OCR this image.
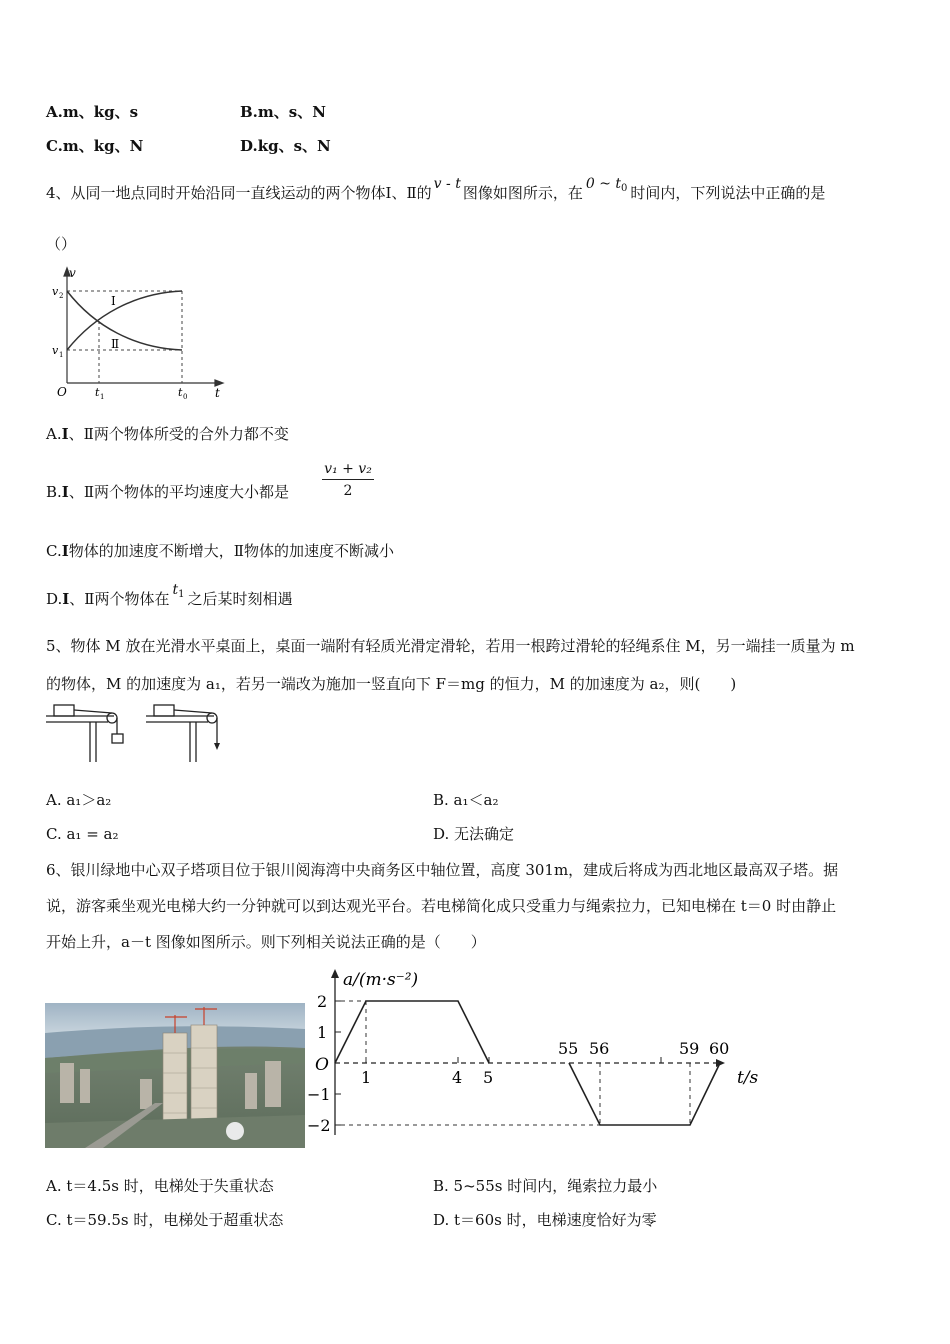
A.m、kg、s	B.m、s、N
C.m、kg、N	D.kg、s、N
4、从同一地点同时开始沿同一直线运动的两个物体Ⅰ、Ⅱ的 v - t 图像如图所示，在 0 ~ $t_0$ 时间内，下列说法中正确的是
（）
v
t
O
v 2
v 1
t 1	t 0
Ⅰ
Ⅱ
A.Ⅰ、Ⅱ两个物体所受的合外力都不变
B.Ⅰ、Ⅱ两个物体的平均速度大小都是 $\frac{\text{v₁ + v₂}}{2}$
C.Ⅰ物体的加速度不断增大，Ⅱ物体的加速度不断减小
D.Ⅰ、Ⅱ两个物体在 $t_1$ 之后某时刻相遇
5、物体 M 放在光滑水平桌面上，桌面一端附有轻质光滑定滑轮，若用一根跨过滑轮的轻绳系住 M，另一端挂一质量为 m
的物体，M 的加速度为 a₁，若另一端改为施加一竖直向下 F＝mg 的恒力，M 的加速度为 a₂，则(　　)
A. a₁＞a₂	B. a₁＜a₂
C. a₁ = a₂	D. 无法确定
6、银川绿地中心双子塔项目位于银川阅海湾中央商务区中轴位置，高度 301m，建成后将成为西北地区最高双子塔。据
说，游客乘坐观光电梯大约一分钟就可以到达观光平台。若电梯简化成只受重力与绳索拉力，已知电梯在 t＝0 时由静止
开始上升，a－t 图像如图所示。则下列相关说法正确的是（　　）
a/(m·s⁻²)
t/s
O
2
1
−1
−2
1	4 5
55 56	59 60
A. t＝4.5s 时，电梯处于失重状态	B. 5~55s 时间内，绳索拉力最小
C. t＝59.5s 时，电梯处于超重状态	D. t＝60s 时，电梯速度恰好为零
